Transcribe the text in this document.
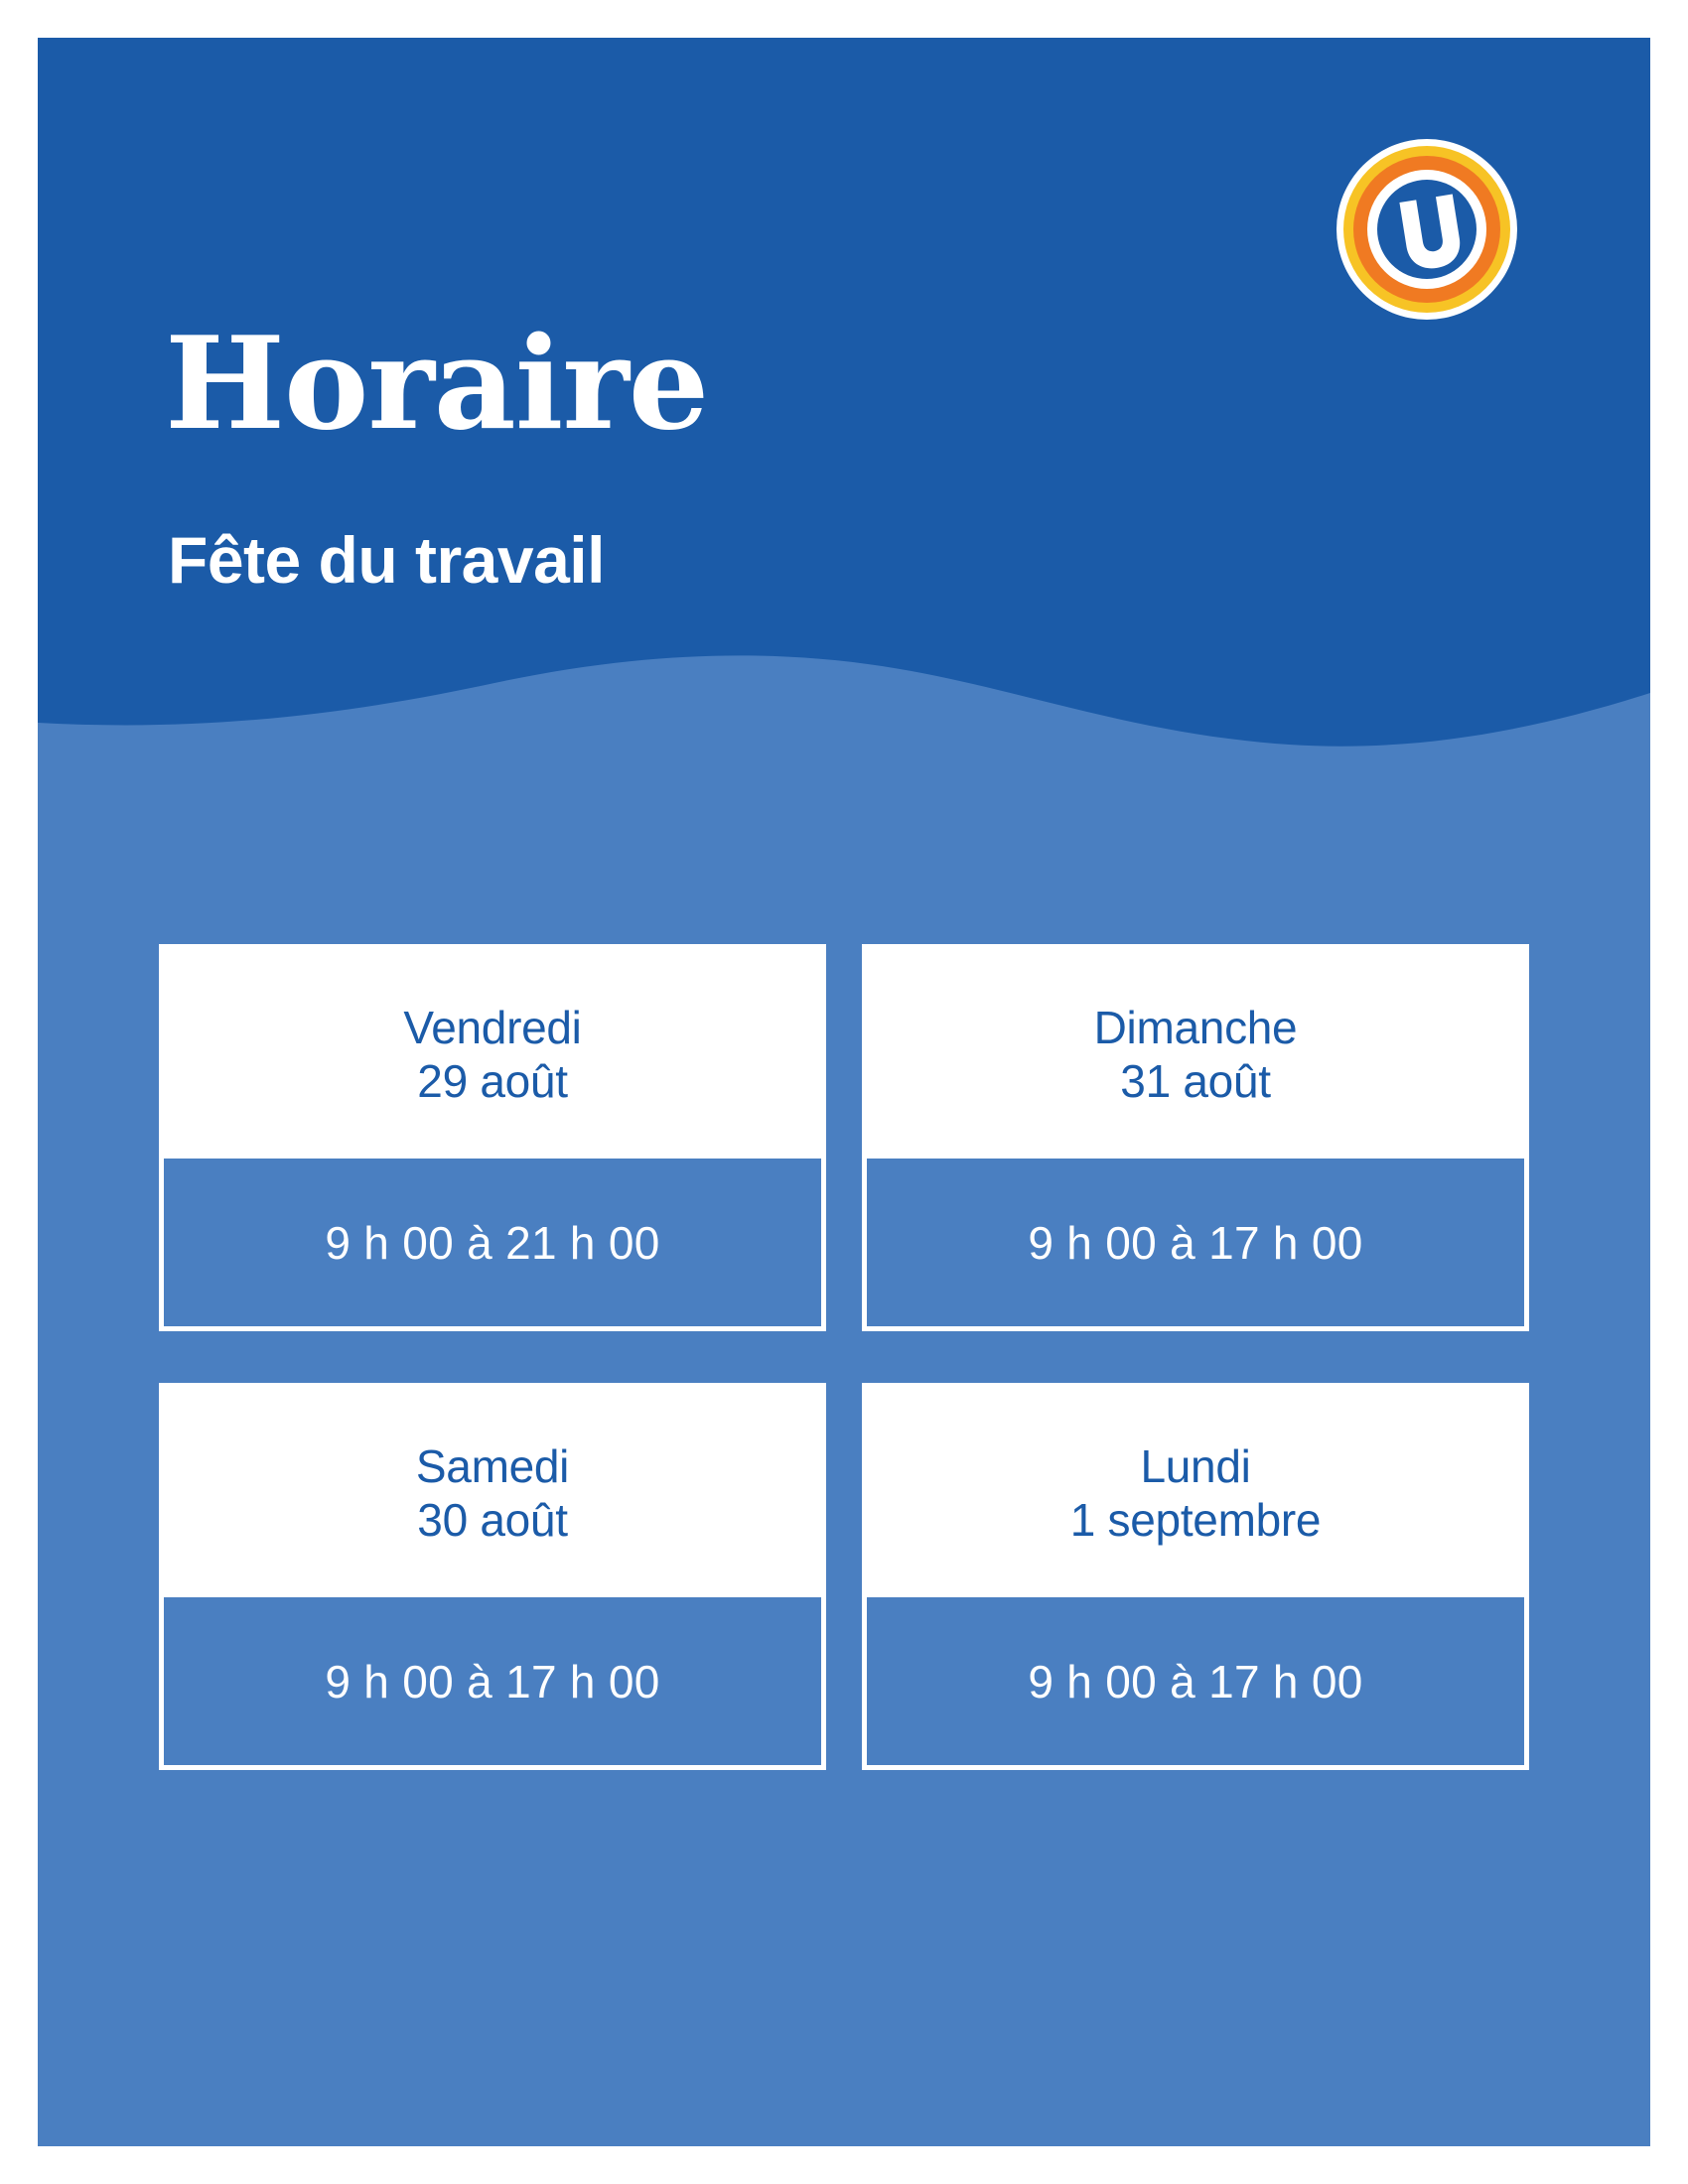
Horaire
Fête du travail
Vendredi
29 août
9 h 00 à 21 h 00
Dimanche
31 août
9 h 00 à 17 h 00
Samedi
30 août
9 h 00 à 17 h 00
Lundi
1 septembre
9 h 00 à 17 h 00
